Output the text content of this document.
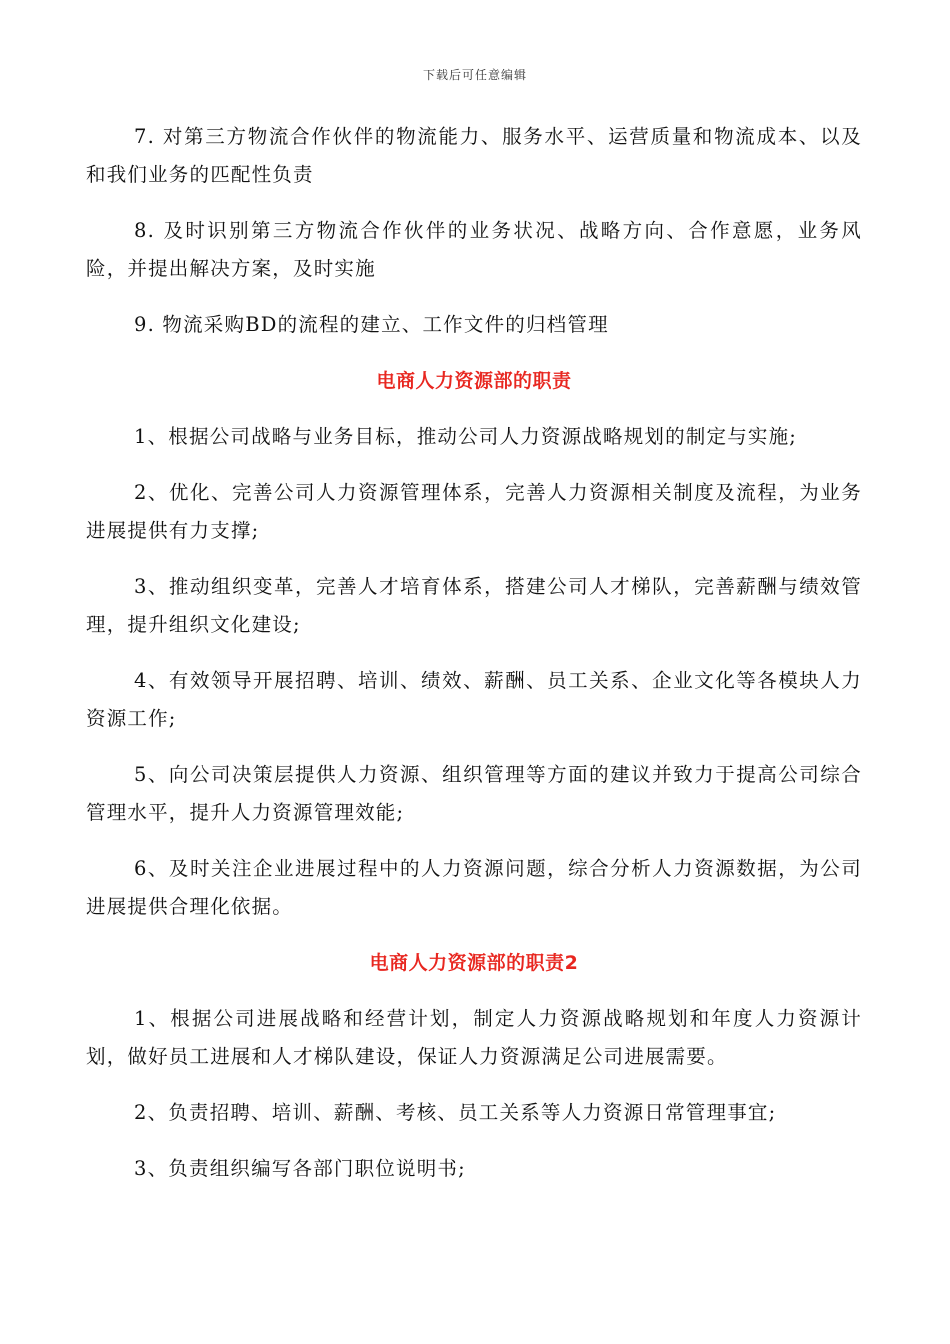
下载后可任意编辑

7. 对第三方物流合作伙伴的物流能力、服务水平、运营质量和物流成本、以及和我们业务的匹配性负责

8. 及时识别第三方物流合作伙伴的业务状况、战略方向、合作意愿，业务风险，并提出解决方案，及时实施

9. 物流采购BD的流程的建立、工作文件的归档管理

电商人力资源部的职责

1、根据公司战略与业务目标，推动公司人力资源战略规划的制定与实施;

2、优化、完善公司人力资源管理体系，完善人力资源相关制度及流程，为业务进展提供有力支撑;

3、推动组织变革，完善人才培育体系，搭建公司人才梯队，完善薪酬与绩效管理，提升组织文化建设;

4、有效领导开展招聘、培训、绩效、薪酬、员工关系、企业文化等各模块人力资源工作;

5、向公司决策层提供人力资源、组织管理等方面的建议并致力于提高公司综合管理水平，提升人力资源管理效能;

6、及时关注企业进展过程中的人力资源问题，综合分析人力资源数据，为公司进展提供合理化依据。

电商人力资源部的职责2

1、根据公司进展战略和经营计划，制定人力资源战略规划和年度人力资源计划，做好员工进展和人才梯队建设，保证人力资源满足公司进展需要。

2、负责招聘、培训、薪酬、考核、员工关系等人力资源日常管理事宜;

3、负责组织编写各部门职位说明书;
